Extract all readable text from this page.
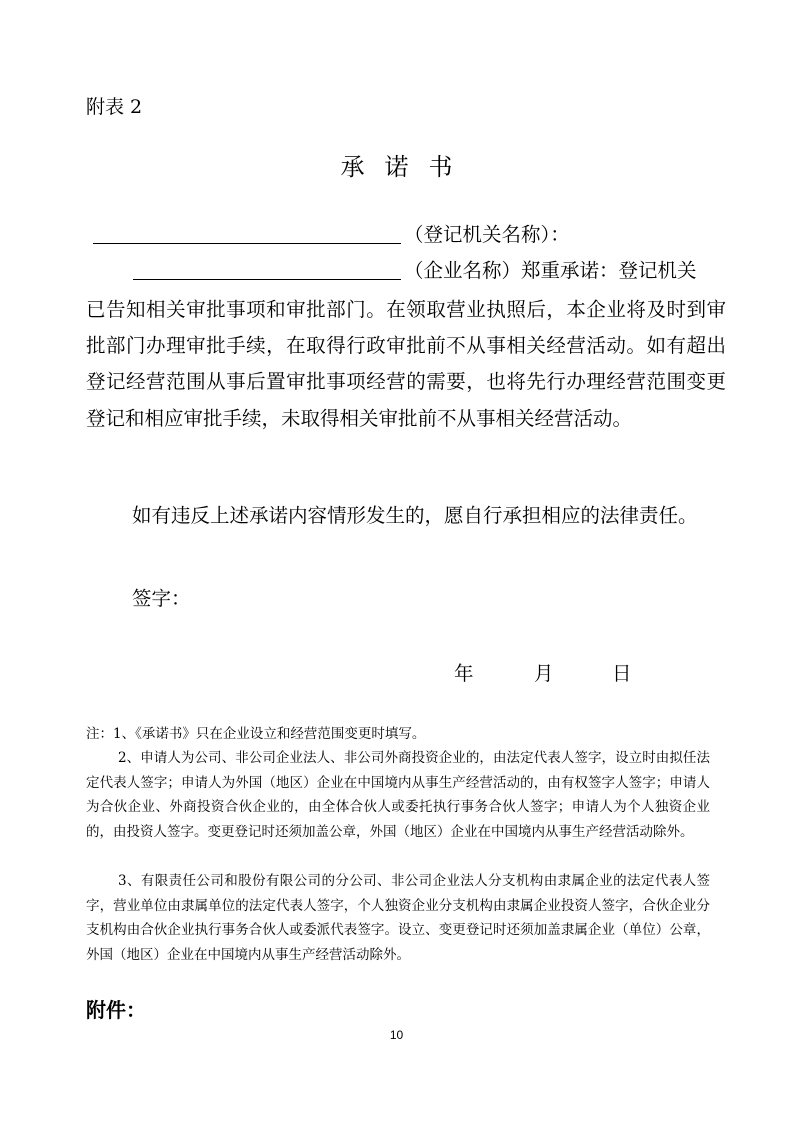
附表 2
承诺书
（登记机关名称）：
（企业名称）郑重承诺：登记机关

已告知相关审批事项和审批部门。在领取营业执照后，本企业将及时到审批部门办理审批手续，在取得行政审批前不从事相关经营活动。如有超出登记经营范围从事后置审批事项经营的需要，也将先行办理经营范围变更登记和相应审批手续，未取得相关审批前不从事相关经营活动。

如有违反上述承诺内容情形发生的，愿自行承担相应的法律责任。

签字：
年	月	日
注：1、《承诺书》只在企业设立和经营范围变更时填写。
2、申请人为公司、非公司企业法人、非公司外商投资企业的，由法定代表人签字，设立时由拟任法定代表人签字；申请人为外国（地区）企业在中国境内从事生产经营活动的，由有权签字人签字；申请人为合伙企业、外商投资合伙企业的，由全体合伙人或委托执行事务合伙人签字；申请人为个人独资企业的，由投资人签字。变更登记时还须加盖公章，外国（地区）企业在中国境内从事生产经营活动除外。
3、有限责任公司和股份有限公司的分公司、非公司企业法人分支机构由隶属企业的法定代表人签字，营业单位由隶属单位的法定代表人签字，个人独资企业分支机构由隶属企业投资人签字，合伙企业分支机构由合伙企业执行事务合伙人或委派代表签字。设立、变更登记时还须加盖隶属企业（单位）公章，外国（地区）企业在中国境内从事生产经营活动除外。
附件：
10
